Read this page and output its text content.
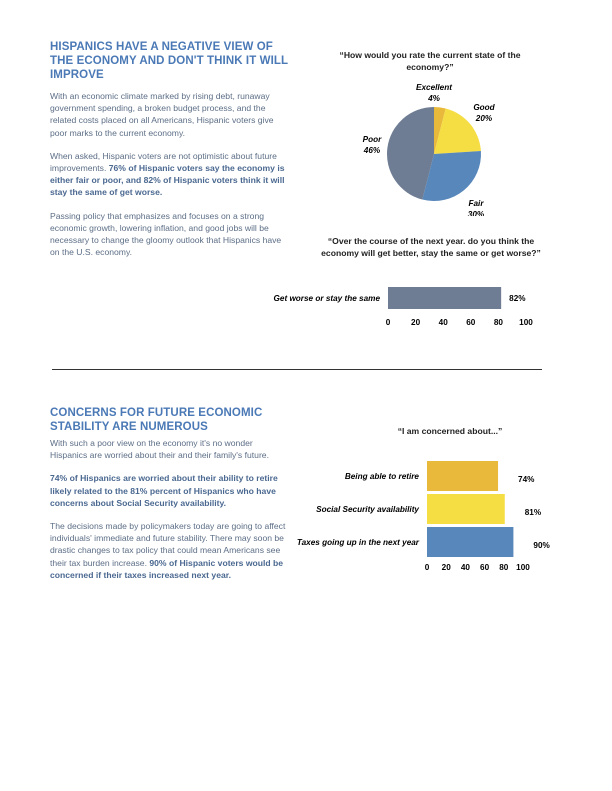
HISPANICS HAVE A NEGATIVE VIEW OF THE ECONOMY AND DON'T THINK IT WILL IMPROVE

With an economic climate marked by rising debt, runaway government spending, a broken budget process, and the related costs placed on all Americans, Hispanic voters give poor marks to the current economy.

When asked, Hispanic voters are not optimistic about future improvements. 76% of Hispanic voters say the economy is either fair or poor, and 82% of Hispanic voters think it will stay the same of get worse.

Passing policy that emphasizes and focuses on a strong economic growth, lowering inflation, and good jobs will be necessary to change the gloomy outlook that Hispanics have on the U.S. economy.

“How would you rate the current state of the economy?”

Excellent
4%
Good
20%
Fair
30%
Poor
46%

“Over the course of the next year. do you think the economy will get better, stay the same or get worse?”

Get worse or stay the same	82%
0	20 40 60 80 100
CONCERNS FOR FUTURE ECONOMIC STABILITY ARE NUMEROUS

With such a poor view on the economy it's no wonder Hispanics are worried about their and their family's future.

74% of Hispanics are worried about their ability to retire likely related to the 81% percent of Hispanics who have concerns about Social Security availability.

The decisions made by policymakers today are going to affect individuals' immediate and future stability. There may soon be drastic changes to tax policy that could mean Americans see their tax burden increase. 90% of Hispanic voters would be concerned if their taxes increased next year.

“I am concerned about...”

Being able to retire	74%
Social Security availability	81%
Taxes going up in the next year	90%
0 20 40 60 80 100
